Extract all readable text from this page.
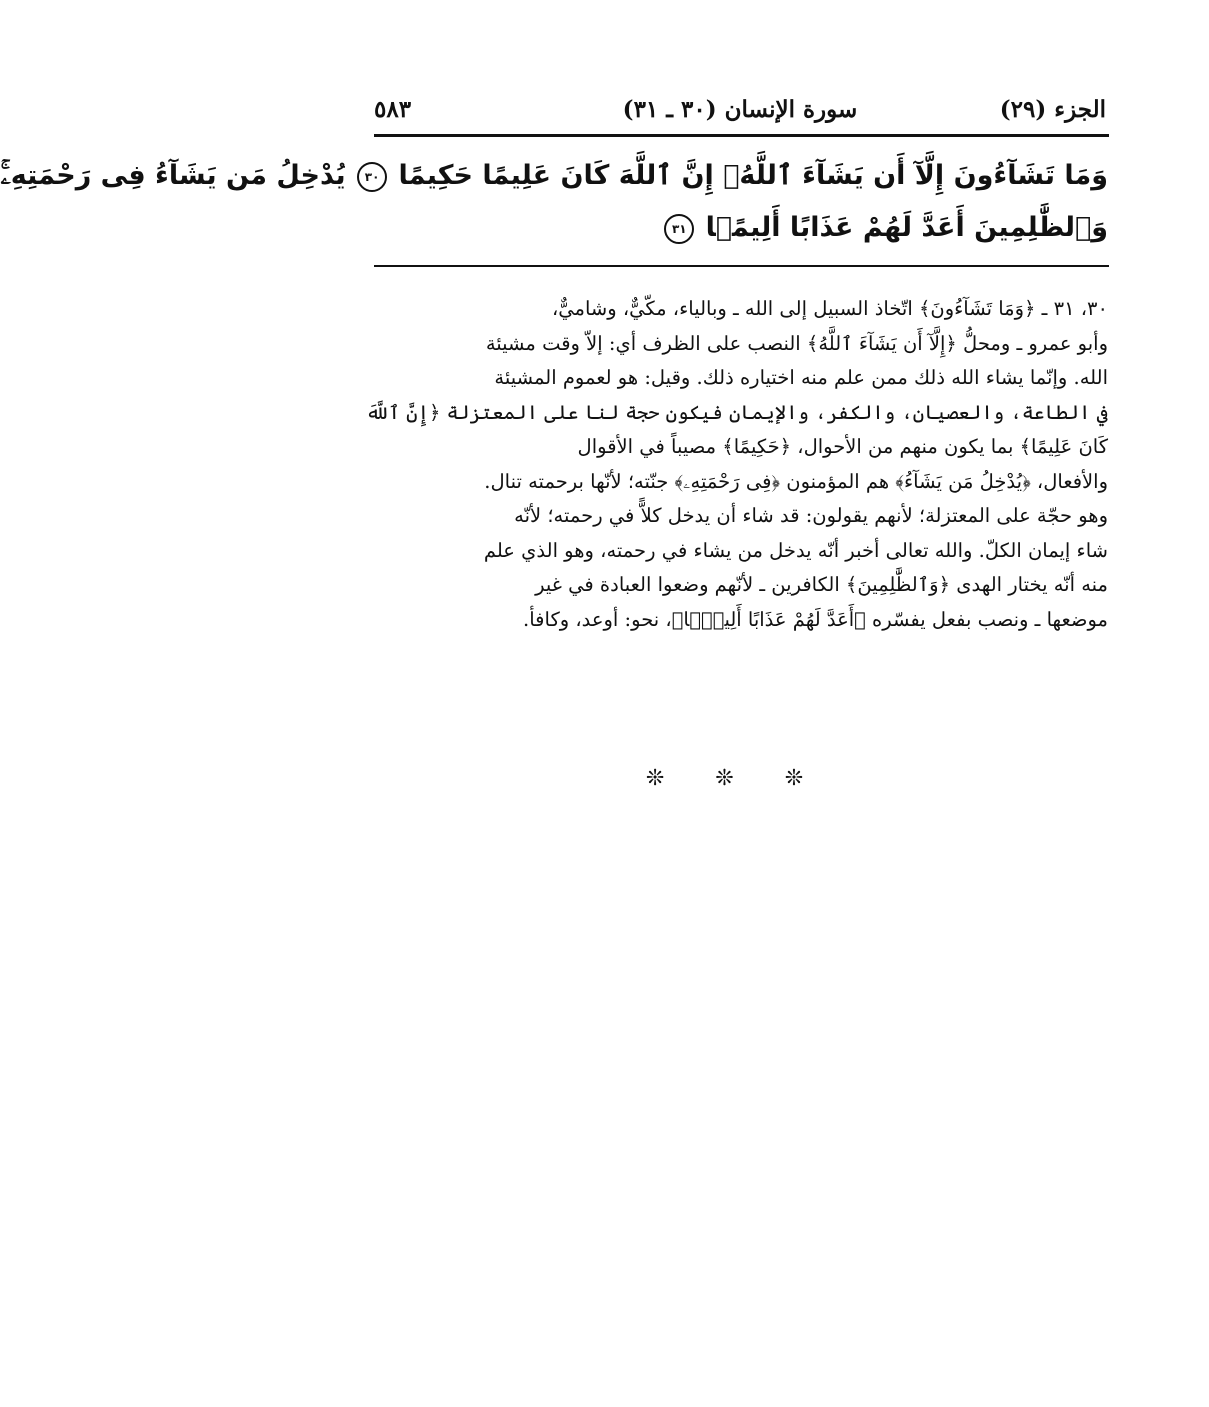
الجزء (٢٩)
سورة الإنسان (٣٠ ـ ٣١)
٥٨٣
وَمَا تَشَآءُونَ إِلَّآ أَن يَشَآءَ ٱللَّهُۚ إِنَّ ٱللَّهَ كَانَ عَلِيمًا حَكِيمًا ٣٠ يُدْخِلُ مَن يَشَآءُ فِى رَحْمَتِهِۦۚ
وَٱلظَّٰلِمِينَ أَعَدَّ لَهُمْ عَذَابًا أَلِيمًۢا ٣١
٣٠، ٣١ ـ ﴿وَمَا تَشَآءُونَ﴾ اتّخاذ السبيل إلى الله ـ وبالياء، مكّيٌّ، وشاميٌّ،
وأبو عمرو ـ ومحلُّ ﴿إِلَّآ أَن يَشَآءَ ٱللَّهُ﴾ النصب على الظرف أي: إلاّ وقت مشيئة
الله. وإنّما يشاء الله ذلك ممن علم منه اختياره ذلك. وقيل: هو لعموم المشيئة
في الطاعة، والعصيان، والكفر، والإيمان فيكون حجة لنا على المعتزلة ﴿إِنَّ ٱللَّهَ
كَانَ عَلِيمًا﴾ بما يكون منهم من الأحوال، ﴿حَكِيمًا﴾ مصيباً في الأقوال
والأفعال، ﴿يُدْخِلُ مَن يَشَآءُ﴾ هم المؤمنون ﴿فِى رَحْمَتِهِۦ﴾ جنّته؛ لأنّها برحمته تنال.
وهو حجّة على المعتزلة؛ لأنهم يقولون: قد شاء أن يدخل كلاًّ في رحمته؛ لأنّه
شاء إيمان الكلّ. والله تعالى أخبر أنّه يدخل من يشاء في رحمته، وهو الذي علم
منه أنّه يختار الهدى ﴿وَٱلظَّٰلِمِينَ﴾ الكافرين ـ لأنّهم وضعوا العبادة في غير
موضعها ـ ونصب بفعل يفسّره ﴿أَعَدَّ لَهُمْ عَذَابًا أَلِيمًۢا﴾، نحو: أوعد، وكافأ.
❊ ❊ ❊
